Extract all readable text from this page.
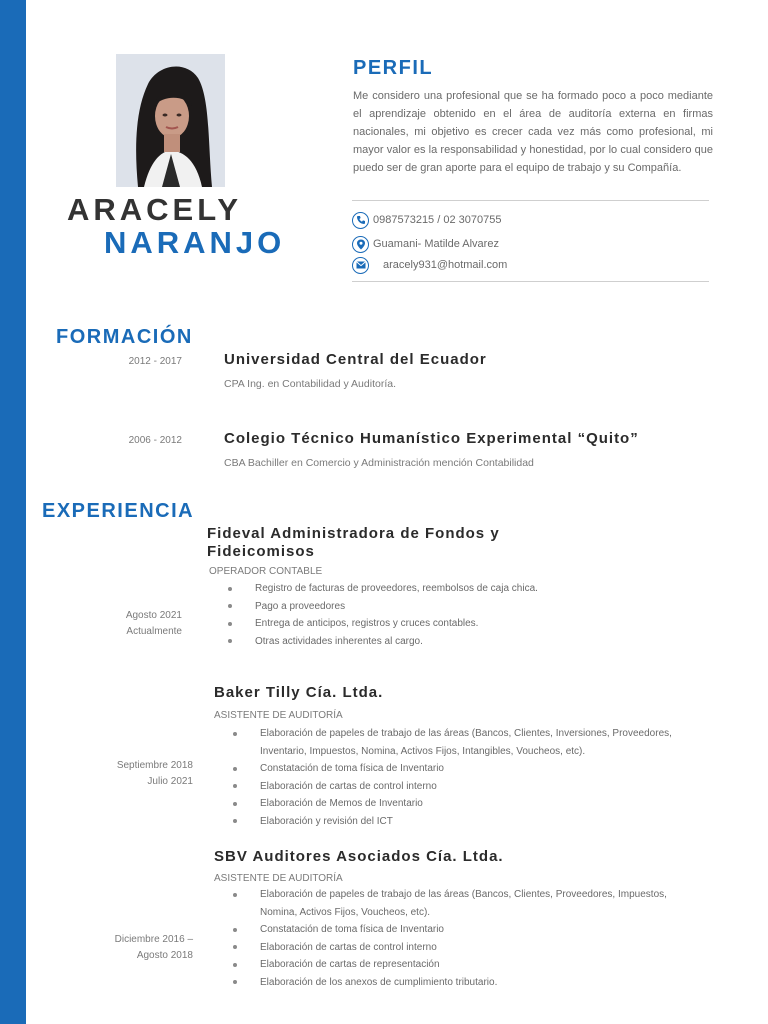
ARACELY
NARANJO
PERFIL

Me considero una profesional que se ha formado poco a poco mediante el aprendizaje obtenido en el área de auditoría externa en firmas nacionales, mi objetivo es crecer cada vez más como profesional, mi mayor valor es la responsabilidad y honestidad, por lo cual considero que puedo ser de gran aporte para el equipo de trabajo y su Compañía.

0987573215 / 02 3070755
Guamani- Matilde Alvarez
aracely931@hotmail.com
FORMACIÓN
2012 - 2017	Universidad Central del Ecuador
CPA Ing. en Contabilidad y Auditoría.
2006 - 2012	Colegio Técnico Humanístico Experimental “Quito”
CBA Bachiller en Comercio y Administración mención Contabilidad
EXPERIENCIA
Fideval Administradora de Fondos y Fideicomisos
OPERADOR CONTABLE
Registro de facturas de proveedores, reembolsos de caja chica.
Pago a proveedores
Entrega de anticipos, registros y cruces contables.
Otras actividades inherentes al cargo.
Agosto 2021
Actualmente
Baker Tilly Cía. Ltda.
ASISTENTE DE AUDITORÍA
Elaboración de papeles de trabajo de las áreas (Bancos, Clientes, Inversiones, Proveedores, Inventario, Impuestos, Nomina, Activos Fijos, Intangibles, Voucheos, etc).
Constatación de toma física de Inventario
Elaboración de cartas de control interno
Elaboración de Memos de Inventario
Elaboración y revisión del ICT
Septiembre 2018
Julio 2021
SBV Auditores Asociados Cía. Ltda.
ASISTENTE DE AUDITORÍA
Elaboración de papeles de trabajo de las áreas (Bancos, Clientes, Proveedores, Impuestos, Nomina, Activos Fijos, Voucheos, etc).
Constatación de toma física de Inventario
Elaboración de cartas de control interno
Elaboración de cartas de representación
Elaboración de los anexos de cumplimiento tributario.
Diciembre 2016 –
Agosto 2018
